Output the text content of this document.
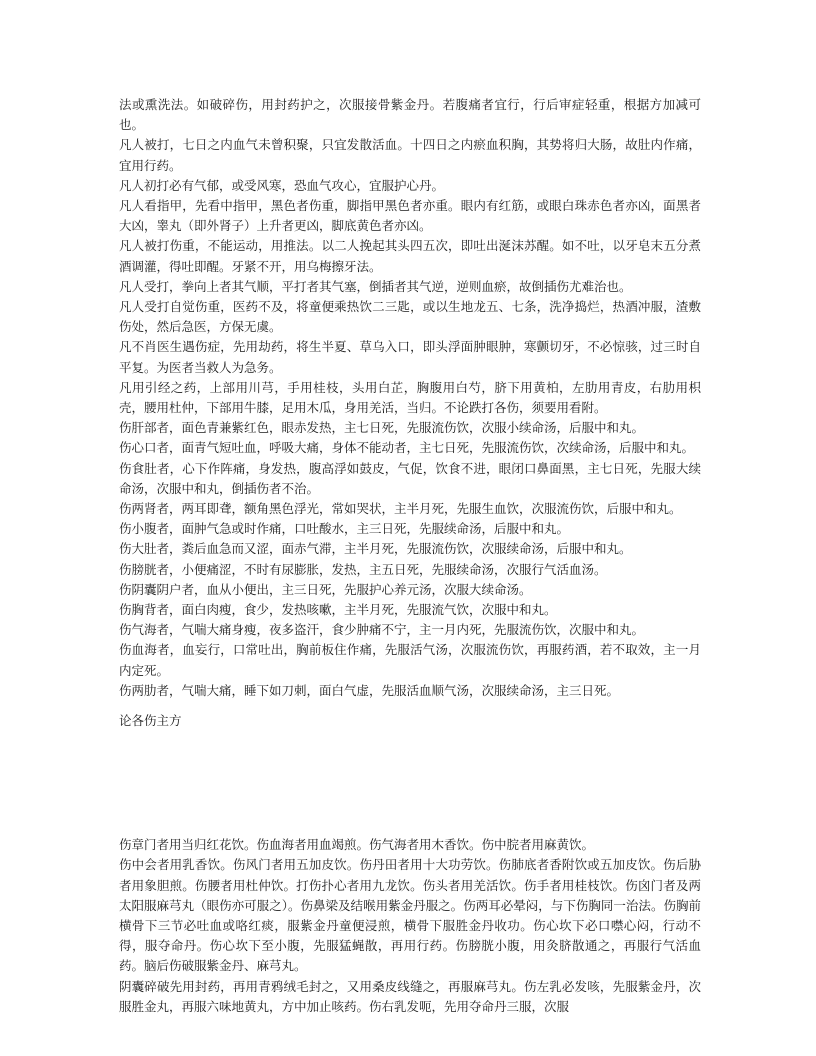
法或熏洗法。如破碎伤，用封药护之，次服接骨紫金丹。若腹痛者宜行，行后审症轻重，根据方加减可也。

凡人被打，七日之内血气未曾积聚，只宜发散活血。十四日之内瘀血积胸，其势将归大肠，故肚内作痛，宜用行药。

凡人初打必有气郁，或受风寒，恐血气攻心，宜服护心丹。

凡人看指甲，先看中指甲，黑色者伤重，脚指甲黑色者亦重。眼内有红筋，或眼白珠赤色者亦凶，面黑者大凶，睾丸（即外肾子）上升者更凶，脚底黄色者亦凶。

凡人被打伤重，不能运动，用推法。以二人挽起其头四五次，即吐出涎沫苏醒。如不吐，以牙皂末五分煮酒调灌，得吐即醒。牙紧不开，用乌梅擦牙法。

凡人受打，拳向上者其气顺，平打者其气塞，倒插者其气逆，逆则血瘀，故倒插伤尤难治也。

凡人受打自觉伤重，医药不及，将童便乘热饮二三匙，或以生地龙五、七条，洗净捣烂，热酒冲服，渣敷伤处，然后急医，方保无虞。

凡不肖医生遇伤症，先用劫药，将生半夏、草乌入口，即头浮面肿眼肿，寒颤切牙，不必惊骇，过三时自平复。为医者当救人为急务。

凡用引经之药，上部用川芎，手用桂枝，头用白芷，胸腹用白芍，脐下用黄柏，左肋用青皮，右肋用枳壳，腰用杜仲，下部用牛膝，足用木瓜，身用羌活，当归。不论跌打各伤，须要用看附。

伤肝部者，面色青兼紫红色，眼赤发热，主七日死，先服流伤饮，次服小续命汤，后服中和丸。

伤心口者，面青气短吐血，呼吸大痛，身体不能动者，主七日死，先服流伤饮，次续命汤，后服中和丸。

伤食肚者，心下作阵痛，身发热，腹高浮如鼓皮，气促，饮食不进，眼闭口鼻面黑，主七日死，先服大续命汤，次服中和丸，倒插伤者不治。

伤两肾者，两耳即聋，额角黑色浮光，常如哭状，主半月死，先服生血饮，次服流伤饮，后服中和丸。

伤小腹者，面肿气急或时作痛，口吐酸水，主三日死，先服续命汤，后服中和丸。

伤大肚者，粪后血急而又涩，面赤气滞，主半月死，先服流伤饮，次服续命汤，后服中和丸。

伤膀胱者，小便痛涩，不时有尿膨胀，发热，主五日死，先服续命汤，次服行气活血汤。

伤阴囊阴户者，血从小便出，主三日死，先服护心养元汤，次服大续命汤。

伤胸背者，面白肉瘦，食少，发热咳嗽，主半月死，先服流气饮，次服中和丸。

伤气海者，气喘大痛身瘦，夜多盗汗，食少肿痛不宁，主一月内死，先服流伤饮，次服中和丸。

伤血海者，血妄行，口常吐出，胸前板住作痛，先服活气汤，次服流伤饮，再服药酒，若不取效，主一月内定死。

伤两肋者，气喘大痛，睡下如刀刺，面白气虚，先服活血顺气汤，次服续命汤，主三日死。

论各伤主方

伤章门者用当归红花饮。伤血海者用血竭煎。伤气海者用木香饮。伤中脘者用麻黄饮。

伤中会者用乳香饮。伤风门者用五加皮饮。伤丹田者用十大功劳饮。伤肺底者香附饮或五加皮饮。伤后胁者用象胆煎。伤腰者用杜仲饮。打伤扑心者用九龙饮。伤头者用羌活饮。伤手者用桂枝饮。伤囟门者及两太阳服麻芎丸（眼伤亦可服之）。伤鼻梁及结喉用紫金丹服之。伤两耳必晕闷，与下伤胸同一治法。伤胸前横骨下三节必吐血或咯红痰，服紫金丹童便浸煎，横骨下服胜金丹收功。伤心坎下必口噤心闷，行动不得，服夺命丹。伤心坎下至小腹，先服猛蝇散，再用行药。伤膀胱小腹，用灸脐散通之，再服行气活血药。脑后伤破服紫金丹、麻芎丸。

阴囊碎破先用封药，再用青鸦绒毛封之，又用桑皮线缝之，再服麻芎丸。伤左乳必发咳，先服紫金丹，次服胜金丸，再服六味地黄丸，方中加止咳药。伤右乳发呃，先用夺命丹三服，次服
